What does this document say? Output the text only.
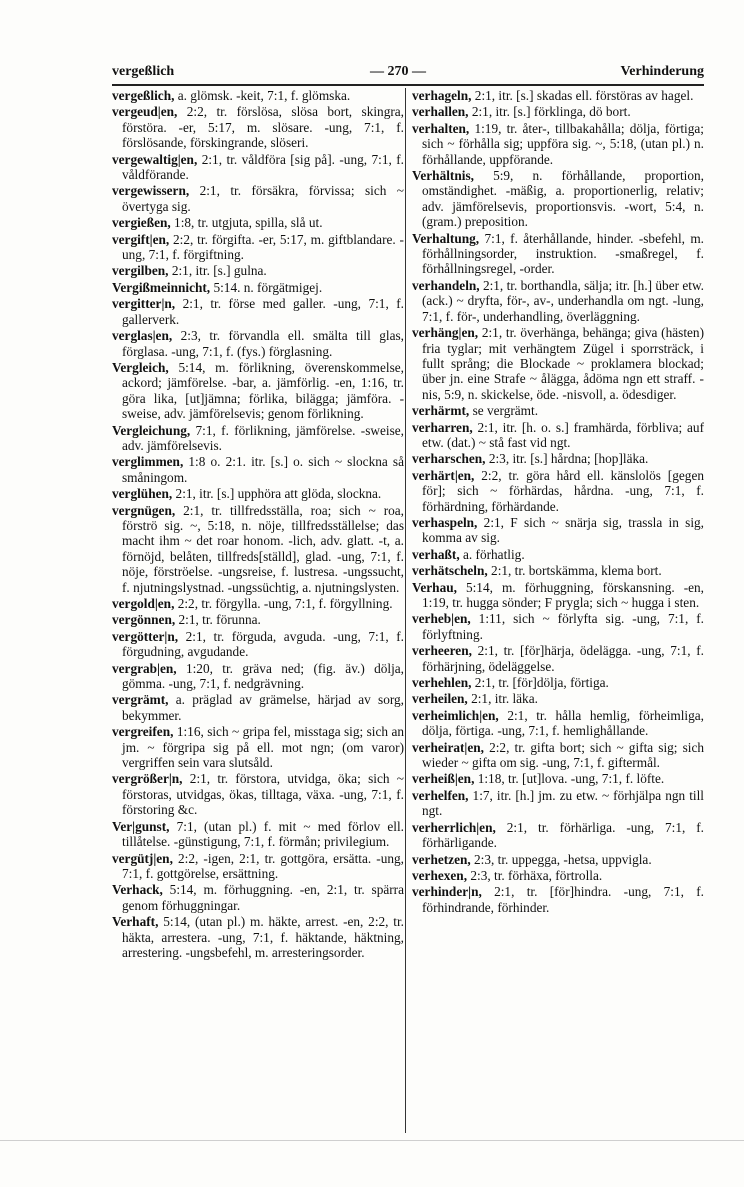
vergeßlich	— 270 —	Verhinderung
vergeßlich, a. glömsk. -keit, 7:1, f. glömska.
vergeud|en, 2:2, tr. förslösa, slösa bort, skingra, förstöra. -er, 5:17, m. slösare. -ung, 7:1, f. förslösande, förskingrande, slöseri.
vergewaltig|en, 2:1, tr. våldföra [sig på]. -ung, 7:1, f. våldförande.
vergewissern, 2:1, tr. försäkra, förvissa; sich ~ övertyga sig.
vergießen, 1:8, tr. utgjuta, spilla, slå ut.
vergift|en, 2:2, tr. förgifta. -er, 5:17, m. giftblandare. -ung, 7:1, f. förgiftning.
vergilben, 2:1, itr. [s.] gulna.
Vergißmeinnicht, 5:14. n. förgätmigej.
vergitter|n, 2:1, tr. förse med galler. -ung, 7:1, f. gallerverk.
verglas|en, 2:3, tr. förvandla ell. smälta till glas, förglasa. -ung, 7:1, f. (fys.) förglasning.
Vergleich, 5:14, m. förlikning, överenskommelse, ackord; jämförelse. -bar, a. jämförlig. -en, 1:16, tr. göra lika, [ut]jämna; förlika, bilägga; jämföra. -sweise, adv. jämförelsevis; genom förlikning.
Vergleichung, 7:1, f. förlikning, jämförelse. -sweise, adv. jämförelsevis.
verglimmen, 1:8 o. 2:1. itr. [s.] o. sich ~ slockna så småningom.
verglühen, 2:1, itr. [s.] upphöra att glöda, slockna.
vergnügen, 2:1, tr. tillfredsställa, roa; sich ~ roa, förströ sig. ~, 5:18, n. nöje, tillfredsställelse; das macht ihm ~ det roar honom. -lich, adv. glatt. -t, a. förnöjd, belåten, tillfreds[ställd], glad. -ung, 7:1, f. nöje, förströelse. -ungsreise, f. lustresa. -ungssucht, f. njutningslystnad. -ungssüchtig, a. njutningslysten.
vergold|en, 2:2, tr. förgylla. -ung, 7:1, f. förgyllning.
vergönnen, 2:1, tr. förunna.
vergötter|n, 2:1, tr. förguda, avguda. -ung, 7:1, f. förgudning, avgudande.
vergrab|en, 1:20, tr. gräva ned; (fig. äv.) dölja, gömma. -ung, 7:1, f. nedgrävning.
vergrämt, a. präglad av grämelse, härjad av sorg, bekymmer.
vergreifen, 1:16, sich ~ gripa fel, misstaga sig; sich an jm. ~ förgripa sig på ell. mot ngn; (om varor) vergriffen sein vara slutsåld.
vergrößer|n, 2:1, tr. förstora, utvidga, öka; sich ~ förstoras, utvidgas, ökas, tilltaga, växa. -ung, 7:1, f. förstoring &c.
Ver|gunst, 7:1, (utan pl.) f. mit ~ med förlov ell. tillåtelse. -günstigung, 7:1, f. förmån; privilegium.
vergütj|en, 2:2, -igen, 2:1, tr. gottgöra, ersätta. -ung, 7:1, f. gottgörelse, ersättning.
Verhack, 5:14, m. förhuggning. -en, 2:1, tr. spärra genom förhuggningar.
Verhaft, 5:14, (utan pl.) m. häkte, arrest. -en, 2:2, tr. häkta, arrestera. -ung, 7:1, f. häktande, häktning, arrestering. -ungsbefehl, m. arresteringsorder.
verhageln, 2:1, itr. [s.] skadas ell. förstöras av hagel.
verhallen, 2:1, itr. [s.] förklinga, dö bort.
verhalten, 1:19, tr. åter-, tillbakahålla; dölja, förtiga; sich ~ förhålla sig; uppföra sig. ~, 5:18, (utan pl.) n. förhållande, uppförande.
Verhältnis, 5:9, n. förhållande, proportion, omständighet. -mäßig, a. proportionerlig, relativ; adv. jämförelsevis, proportionsvis. -wort, 5:4, n. (gram.) preposition.
Verhaltung, 7:1, f. återhållande, hinder. -sbefehl, m. förhållningsorder, instruktion. -smaßregel, f. förhållningsregel, -order.
verhandeln, 2:1, tr. borthandla, sälja; itr. [h.] über etw. (ack.) ~ dryfta, för-, av-, underhandla om ngt. -lung, 7:1, f. för-, underhandling, överläggning.
verhäng|en, 2:1, tr. överhänga, behänga; giva (hästen) fria tyglar; mit verhängtem Zügel i sporrsträck, i fullt språng; die Blockade ~ proklamera blockad; über jn. eine Strafe ~ ålägga, ådöma ngn ett straff. -nis, 5:9, n. skickelse, öde. -nisvoll, a. ödesdiger.
verhärmt, se vergrämt.
verharren, 2:1, itr. [h. o. s.] framhärda, förbliva; auf etw. (dat.) ~ stå fast vid ngt.
verharschen, 2:3, itr. [s.] hårdna; [hop]läka.
verhärt|en, 2:2, tr. göra hård ell. känslolös [gegen för]; sich ~ förhärdas, hårdna. -ung, 7:1, f. förhärdning, förhärdande.
verhaspeln, 2:1, F sich ~ snärja sig, trassla in sig, komma av sig.
verhaßt, a. förhatlig.
verhätscheln, 2:1, tr. bortskämma, klema bort.
Verhau, 5:14, m. förhuggning, förskansning. -en, 1:19, tr. hugga sönder; F prygla; sich ~ hugga i sten.
verheb|en, 1:11, sich ~ förlyfta sig. -ung, 7:1, f. förlyftning.
verheeren, 2:1, tr. [för]härja, ödelägga. -ung, 7:1, f. förhärjning, ödeläggelse.
verhehlen, 2:1, tr. [för]dölja, förtiga.
verheilen, 2:1, itr. läka.
verheimlich|en, 2:1, tr. hålla hemlig, förheimliga, dölja, förtiga. -ung, 7:1, f. hemlighållande.
verheirat|en, 2:2, tr. gifta bort; sich ~ gifta sig; sich wieder ~ gifta om sig. -ung, 7:1, f. giftermål.
verheiß|en, 1:18, tr. [ut]lova. -ung, 7:1, f. löfte.
verhelfen, 1:7, itr. [h.] jm. zu etw. ~ förhjälpa ngn till ngt.
verherrlich|en, 2:1, tr. förhärliga. -ung, 7:1, f. förhärligande.
verhetzen, 2:3, tr. uppegga, -hetsa, uppvigla.
verhexen, 2:3, tr. förhäxa, förtrolla.
verhinder|n, 2:1, tr. [för]hindra. -ung, 7:1, f. förhindrande, förhinder.
